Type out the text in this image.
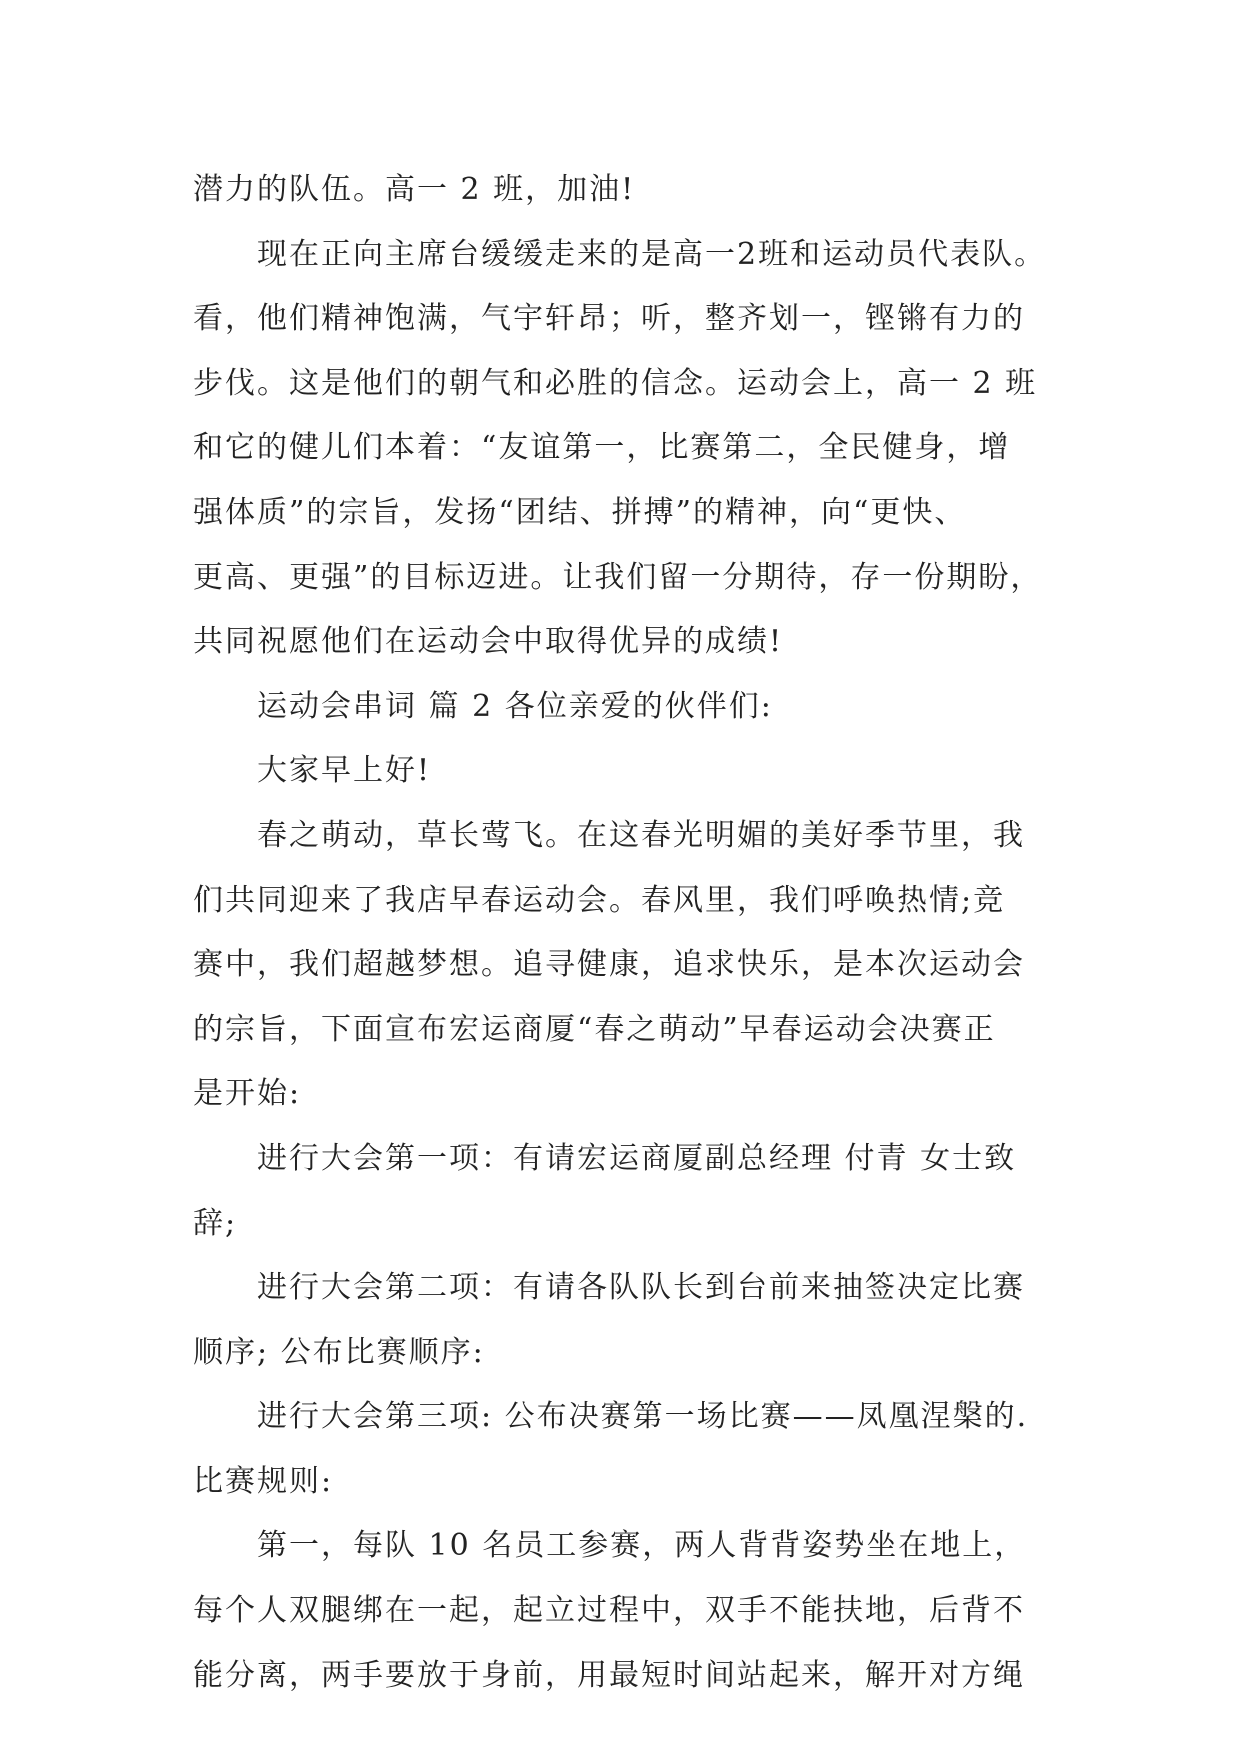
潜力的队伍。高一 2 班，加油!
现在正向主席台缓缓走来的是高一2班和运动员代表队。
看，他们精神饱满，气宇轩昂；听，整齐划一，铿锵有力的
步伐。这是他们的朝气和必胜的信念。运动会上，高一 2 班
和它的健儿们本着：“友谊第一，比赛第二，全民健身，增
强体质”的宗旨，发扬“团结、拼搏”的精神，向“更快、
更高、更强”的目标迈进。让我们留一分期待，存一份期盼，
共同祝愿他们在运动会中取得优异的成绩!
运动会串词 篇 2 各位亲爱的伙伴们:
大家早上好!
春之萌动，草长莺飞。在这春光明媚的美好季节里，我
们共同迎来了我店早春运动会。春风里，我们呼唤热情;竞
赛中，我们超越梦想。追寻健康，追求快乐，是本次运动会
的宗旨，下面宣布宏运商厦“春之萌动”早春运动会决赛正
是开始:
进行大会第一项：有请宏运商厦副总经理 付青 女士致
辞;
进行大会第二项：有请各队队长到台前来抽签决定比赛
顺序; 公布比赛顺序:
进行大会第三项: 公布决赛第一场比赛——凤凰涅槃的.
比赛规则:
第一，每队 10 名员工参赛，两人背背姿势坐在地上，
每个人双腿绑在一起，起立过程中，双手不能扶地，后背不
能分离，两手要放于身前，用最短时间站起来，解开对方绳
